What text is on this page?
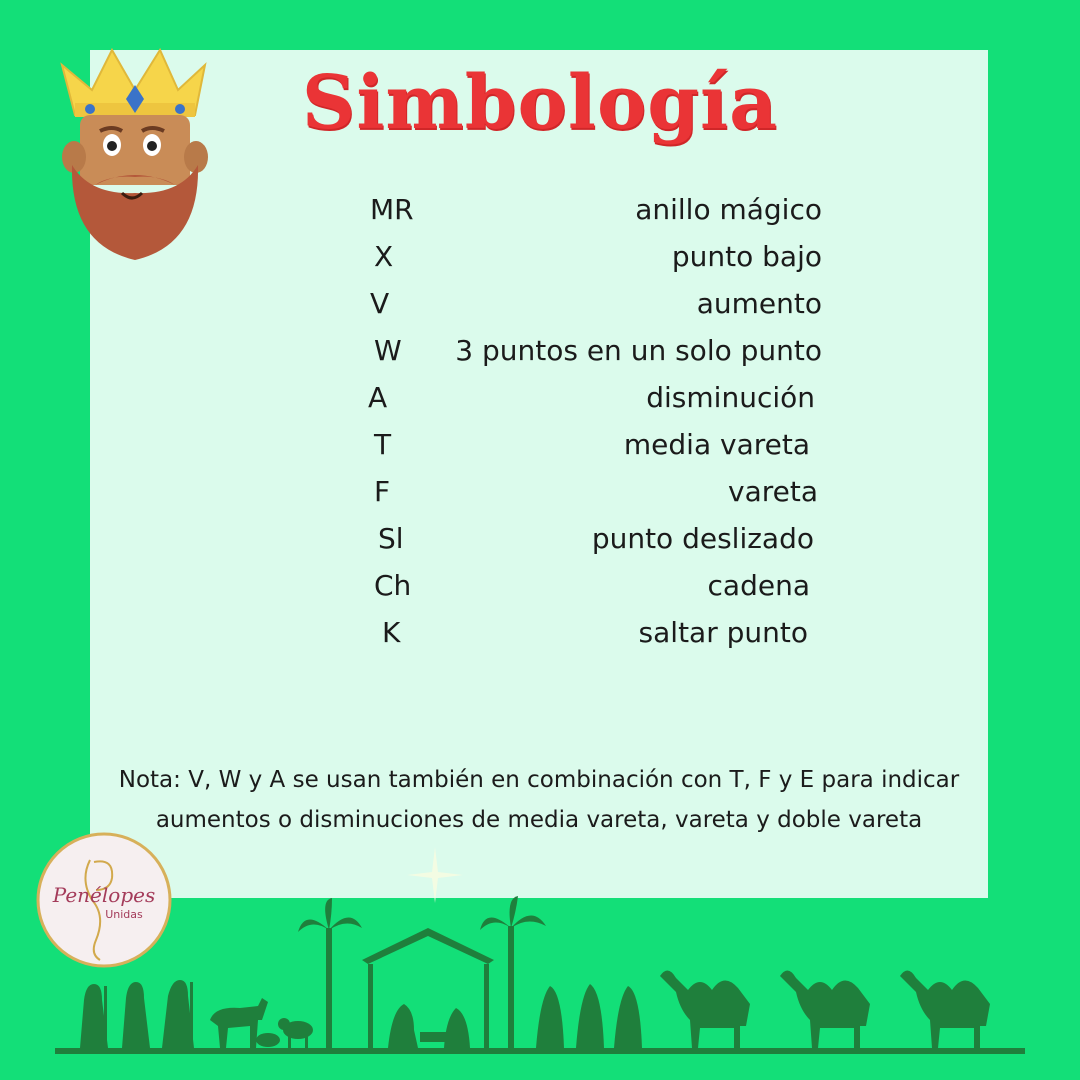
Simbología
MR	anillo mágico
X	punto bajo
V	aumento
W	3 puntos en un solo punto
A	disminución
T	media vareta
F	vareta
Sl	punto deslizado
Ch	cadena
K	saltar punto
Nota: V, W y A se usan también en combinación con T, F y E para indicar
aumentos o disminuciones de media vareta, vareta y doble vareta
Penélopes
Unidas
